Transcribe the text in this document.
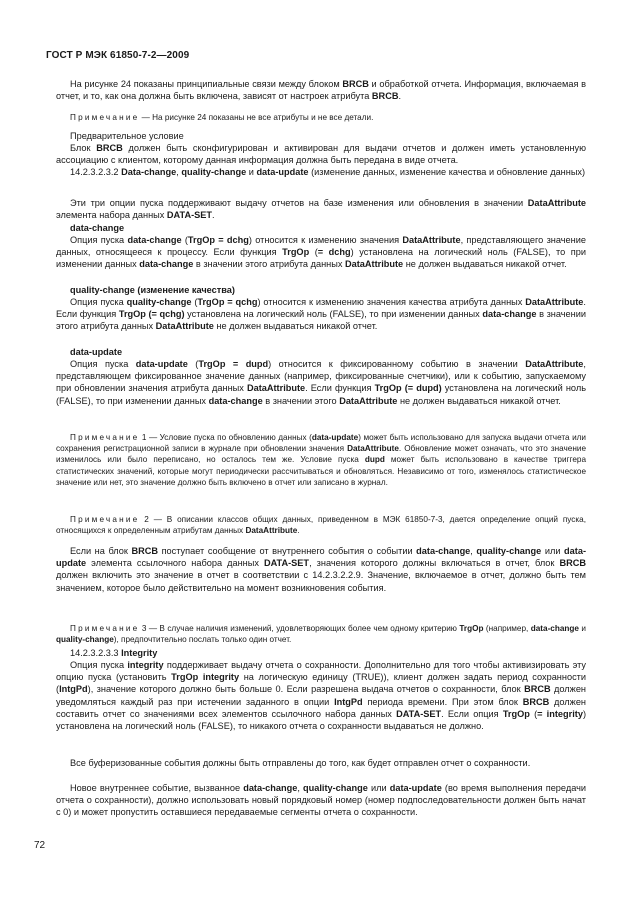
ГОСТ Р МЭК 61850-7-2—2009
На рисунке 24 показаны принципиальные связи между блоком BRCB и обработкой отчета. Информация, включаемая в отчет, и то, как она должна быть включена, зависят от настроек атрибута BRCB.
Примечание — На рисунке 24 показаны не все атрибуты и не все детали.
Предварительное условие
Блок BRCB должен быть сконфигурирован и активирован для выдачи отчетов и должен иметь установленную ассоциацию с клиентом, которому данная информация должна быть передана в виде отчета.
14.2.3.2.3.2 Data-change, quality-change и data-update (изменение данных, изменение качества и обновление данных)
Эти три опции пуска поддерживают выдачу отчетов на базе изменения или обновления в значении DataAttribute элемента набора данных DATA-SET.
data-change
Опция пуска data-change (TrgOp = dchg) относится к изменению значения DataAttribute, представляющего значение данных, относящееся к процессу. Если функция TrgOp (= dchg) установлена на логический ноль (FALSE), то при изменении данных data-change в значении этого атрибута данных DataAttribute не должен выдаваться никакой отчет.
quality-change (изменение качества)
Опция пуска quality-change (TrgOp = qchg) относится к изменению значения качества атрибута данных DataAttribute. Если функция TrgOp (= qchg) установлена на логический ноль (FALSE), то при изменении данных data-change в значении этого атрибута данных DataAttribute не должен выдаваться никакой отчет.
data-update
Опция пуска data-update (TrgOp = dupd) относится к фиксированному событию в значении DataAttribute, представляющем фиксированное значение данных (например, фиксированные счетчики), или к событию, запускаемому при обновлении значения атрибута данных DataAttribute. Если функция TrgOp (= dupd) установлена на логический ноль (FALSE), то при изменении данных data-change в значении этого DataAttribute не должен выдаваться никакой отчет.
Примечание 1 — Условие пуска по обновлению данных (data-update) может быть использовано для запуска выдачи отчета или сохранения регистрационной записи в журнале при обновлении значения DataAttribute. Обновление может означать, что это значение изменилось или было переписано, но осталось тем же. Условие пуска dupd может быть использовано в качестве триггера статистических значений, которые могут периодически рассчитываться и обновляться. Независимо от того, изменялось статистическое значение или нет, это значение должно быть включено в отчет или записано в журнал.
Примечание 2 — В описании классов общих данных, приведенном в МЭК 61850-7-3, дается определение опций пуска, относящихся к определенным атрибутам данных DataAttribute.
Если на блок BRCB поступает сообщение от внутреннего события о событии data-change, quality-change или data-update элемента ссылочного набора данных DATA-SET, значения которого должны включаться в отчет, блок BRCB должен включить это значение в отчет в соответствии с 14.2.3.2.2.9. Значение, включаемое в отчет, должно быть тем значением, которое было действительно на момент возникновения события.
Примечание 3 — В случае наличия изменений, удовлетворяющих более чем одному критерию TrgOp (например, data-change и quality-change), предпочтительно послать только один отчет.
14.2.3.2.3.3 Integrity
Опция пуска integrity поддерживает выдачу отчета о сохранности. Дополнительно для того чтобы активизировать эту опцию пуска (установить TrgOp integrity на логическую единицу (TRUE)), клиент должен задать период сохранности (IntgPd), значение которого должно быть больше 0. Если разрешена выдача отчетов о сохранности, блок BRCB должен уведомляться каждый раз при истечении заданного в опции IntgPd периода времени. При этом блок BRCB должен составить отчет со значениями всех элементов ссылочного набора данных DATA-SET. Если опция TrgOp (= integrity) установлена на логический ноль (FALSE), то никакого отчета о сохранности выдаваться не должно.
Все буферизованные события должны быть отправлены до того, как будет отправлен отчет о сохранности.
Новое внутреннее событие, вызванное data-change, quality-change или data-update (во время выполнения передачи отчета о сохранности), должно использовать новый порядковый номер (номер подпоследовательности должен быть начат с 0) и может пропустить оставшиеся передаваемые сегменты отчета о сохранности.
72
